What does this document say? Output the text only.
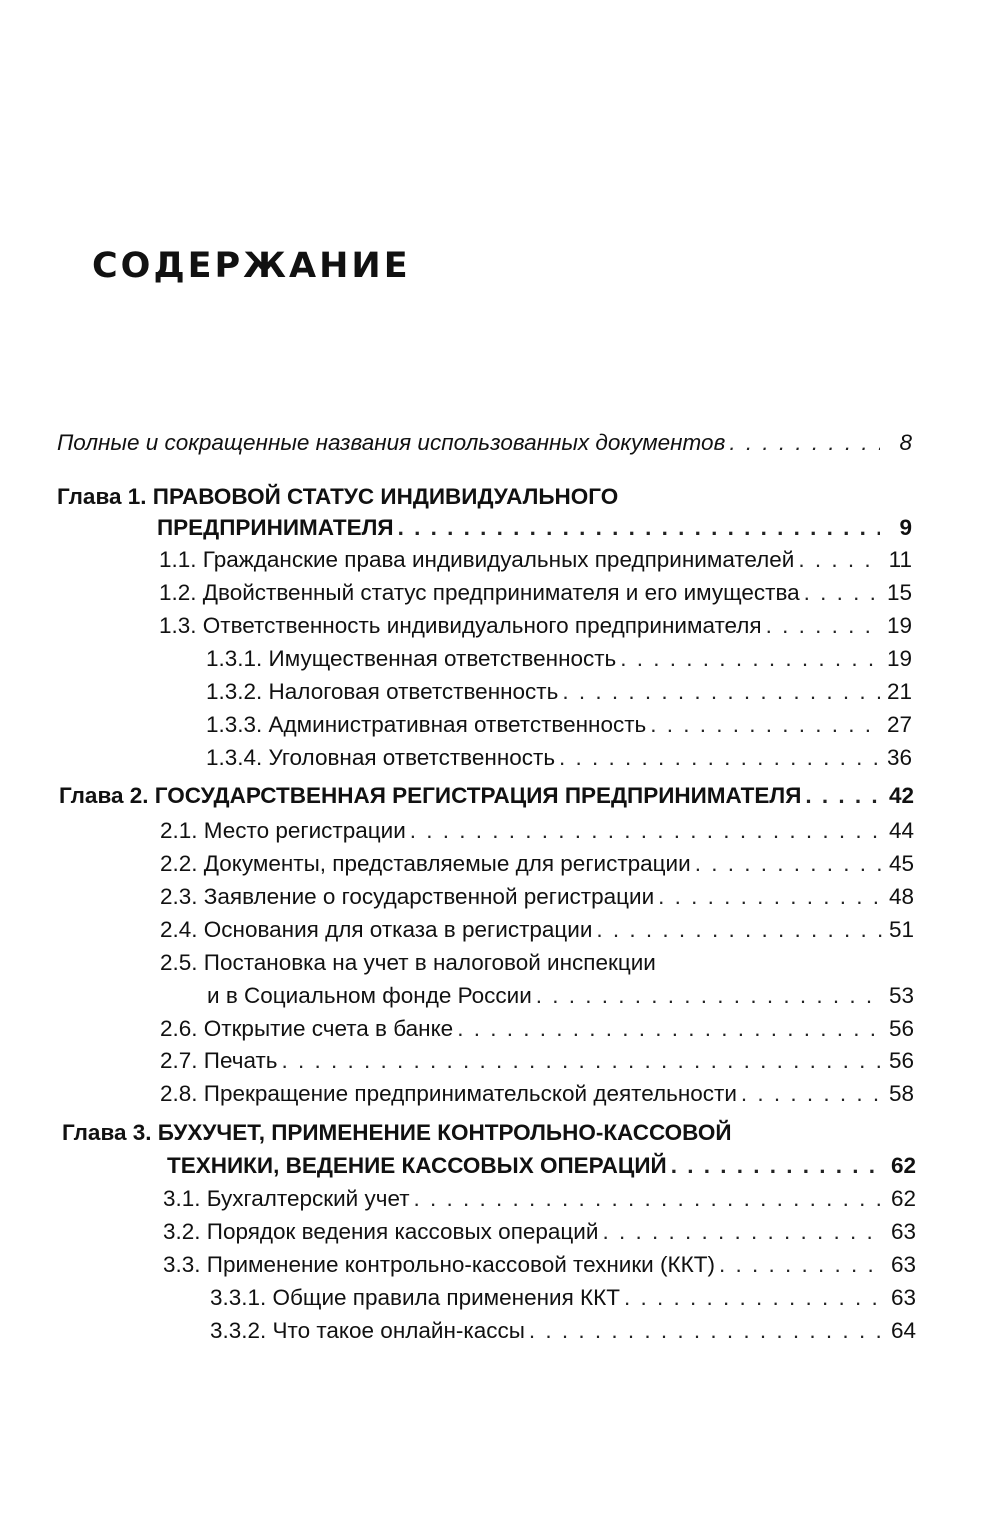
СОДЕРЖАНИЕ
Полные и сокращенные названия использованных документов . . .	8
Глава 1. ПРАВОВОЙ СТАТУС ИНДИВИДУАЛЬНОГО
ПРЕДПРИНИМАТЕЛЯ . . .	9
1.1. Гражданские права индивидуальных предпринимателей . . .	11
1.2. Двойственный статус предпринимателя и его имущества . . .	15
1.3. Ответственность индивидуального предпринимателя . . .	19
1.3.1. Имущественная ответственность . . .	19
1.3.2. Налоговая ответственность . . .	21
1.3.3. Административная ответственность . . .	27
1.3.4. Уголовная ответственность . . .	36
Глава 2. ГОСУДАРСТВЕННАЯ РЕГИСТРАЦИЯ ПРЕДПРИНИМАТЕЛЯ . . .	42
2.1. Место регистрации . . .	44
2.2. Документы, представляемые для регистрации . . .	45
2.3. Заявление о государственной регистрации . . .	48
2.4. Основания для отказа в регистрации . . .	51
2.5. Постановка на учет в налоговой инспекции
и в Социальном фонде России . . .	53
2.6. Открытие счета в банке . . .	56
2.7. Печать . . .	56
2.8. Прекращение предпринимательской деятельности . . .	58
Глава 3. БУХУЧЕТ, ПРИМЕНЕНИЕ КОНТРОЛЬНО-КАССОВОЙ
ТЕХНИКИ, ВЕДЕНИЕ КАССОВЫХ ОПЕРАЦИЙ . . .	62
3.1. Бухгалтерский учет . . .	62
3.2. Порядок ведения кассовых операций . . .	63
3.3. Применение контрольно-кассовой техники (ККТ) . . .	63
3.3.1. Общие правила применения ККТ . . .	63
3.3.2. Что такое онлайн-кассы . . .	64
